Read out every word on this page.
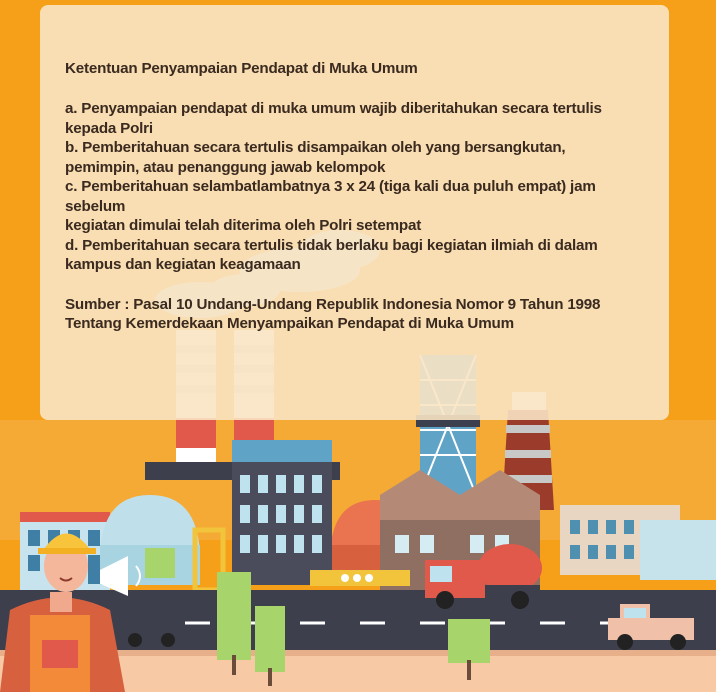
Ketentuan Penyampaian Pendapat di Muka Umum
a. Penyampaian pendapat di muka umum wajib diberitahukan secara tertulis
kepada Polri
b. Pemberitahuan secara tertulis disampaikan oleh yang bersangkutan,
pemimpin, atau penanggung jawab kelompok
c. Pemberitahuan selambatlambatnya 3 x 24 (tiga kali dua puluh empat) jam
sebelum
kegiatan dimulai telah diterima oleh Polri setempat
d. Pemberitahuan secara tertulis tidak berlaku bagi kegiatan ilmiah di dalam
kampus dan kegiatan keagamaan
Sumber : Pasal 10 Undang-Undang Republik Indonesia Nomor 9 Tahun 1998
Tentang Kemerdekaan Menyampaikan Pendapat di Muka Umum
